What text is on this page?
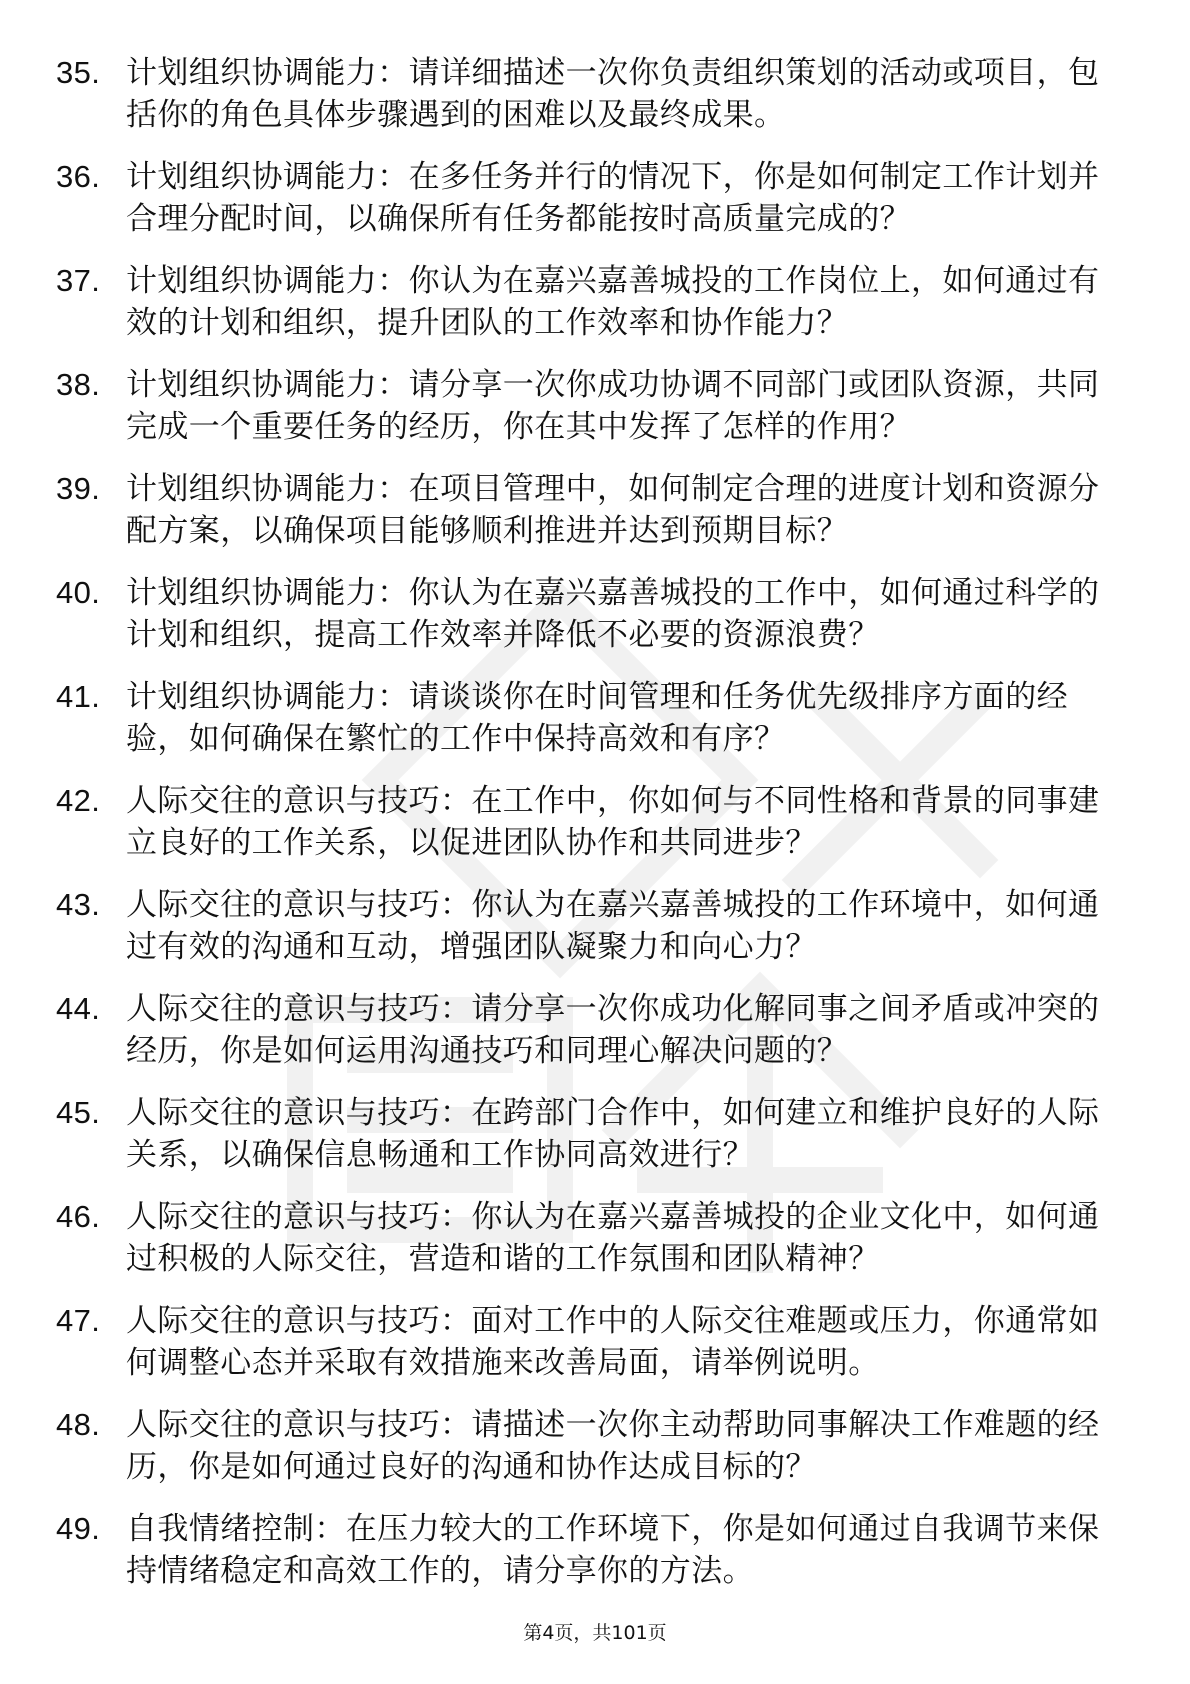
35. 计划组织协调能力：请详细描述一次你负责组织策划的活动或项目，包括你的角色具体步骤遇到的困难以及最终成果。
36. 计划组织协调能力：在多任务并行的情况下，你是如何制定工作计划并合理分配时间，以确保所有任务都能按时高质量完成的？
37. 计划组织协调能力：你认为在嘉兴嘉善城投的工作岗位上，如何通过有效的计划和组织，提升团队的工作效率和协作能力？
38. 计划组织协调能力：请分享一次你成功协调不同部门或团队资源，共同完成一个重要任务的经历，你在其中发挥了怎样的作用？
39. 计划组织协调能力：在项目管理中，如何制定合理的进度计划和资源分配方案，以确保项目能够顺利推进并达到预期目标？
40. 计划组织协调能力：你认为在嘉兴嘉善城投的工作中，如何通过科学的计划和组织，提高工作效率并降低不必要的资源浪费？
41. 计划组织协调能力：请谈谈你在时间管理和任务优先级排序方面的经验，如何确保在繁忙的工作中保持高效和有序？
42. 人际交往的意识与技巧：在工作中，你如何与不同性格和背景的同事建立良好的工作关系，以促进团队协作和共同进步？
43. 人际交往的意识与技巧：你认为在嘉兴嘉善城投的工作环境中，如何通过有效的沟通和互动，增强团队凝聚力和向心力？
44. 人际交往的意识与技巧：请分享一次你成功化解同事之间矛盾或冲突的经历，你是如何运用沟通技巧和同理心解决问题的？
45. 人际交往的意识与技巧：在跨部门合作中，如何建立和维护良好的人际关系，以确保信息畅通和工作协同高效进行？
46. 人际交往的意识与技巧：你认为在嘉兴嘉善城投的企业文化中，如何通过积极的人际交往，营造和谐的工作氛围和团队精神？
47. 人际交往的意识与技巧：面对工作中的人际交往难题或压力，你通常如何调整心态并采取有效措施来改善局面，请举例说明。
48. 人际交往的意识与技巧：请描述一次你主动帮助同事解决工作难题的经历，你是如何通过良好的沟通和协作达成目标的？
49. 自我情绪控制：在压力较大的工作环境下，你是如何通过自我调节来保持情绪稳定和高效工作的，请分享你的方法。
第4页，共101页
